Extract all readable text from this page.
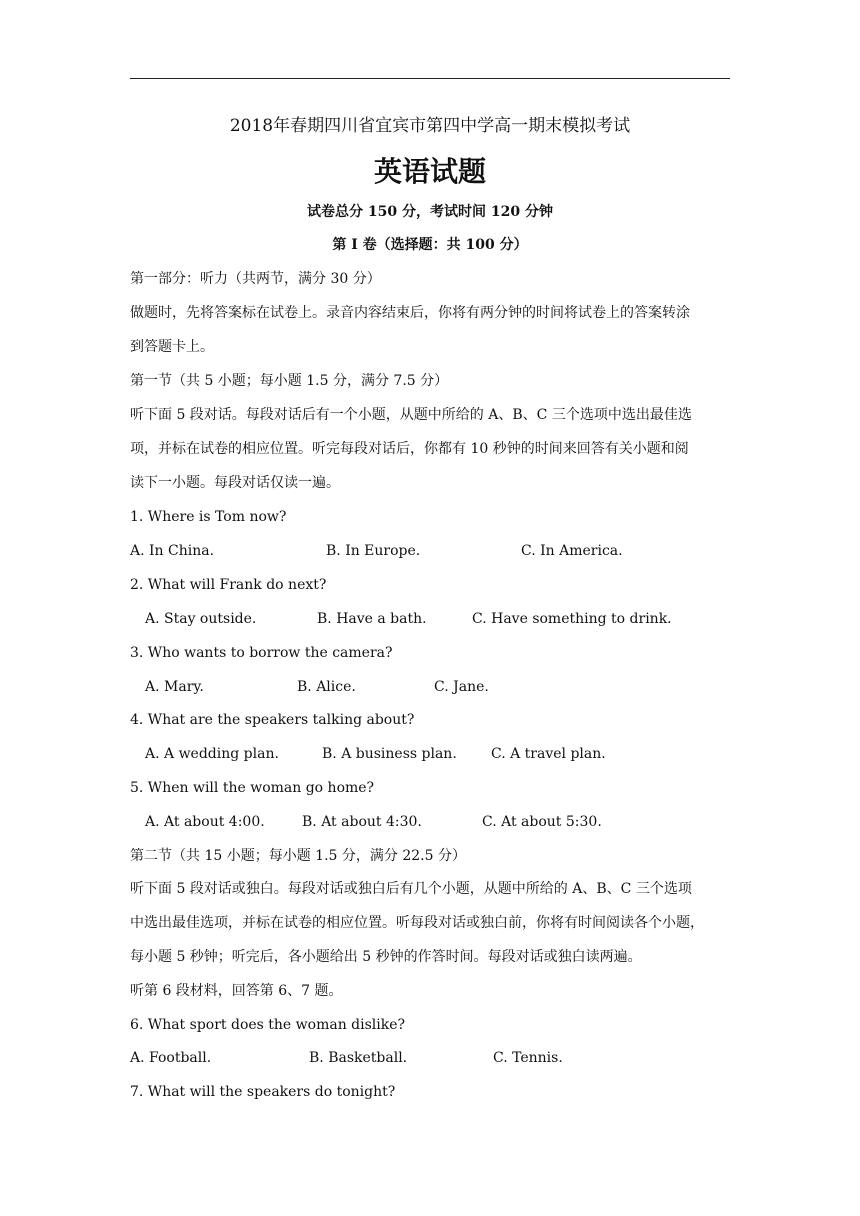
2018年春期四川省宜宾市第四中学高一期末模拟考试
英语试题
试卷总分 150 分，考试时间 120 分钟
第 I 卷（选择题：共 100 分）
第一部分：听力（共两节，满分 30 分）
做题时，先将答案标在试卷上。录音内容结束后，你将有两分钟的时间将试卷上的答案转涂
到答题卡上。
第一节（共 5 小题；每小题 1.5 分，满分 7.5 分）
听下面 5 段对话。每段对话后有一个小题，从题中所给的 A、B、C 三个选项中选出最佳选
项，并标在试卷的相应位置。听完每段对话后，你都有 10 秒钟的时间来回答有关小题和阅
读下一小题。每段对话仅读一遍。
1. Where is Tom now?
A. In China.	B. In Europe.	C. In America.
2. What will Frank do next?
A. Stay outside.	B. Have a bath.	C. Have something to drink.
3. Who wants to borrow the camera?
A. Mary.	B. Alice.	C. Jane.
4. What are the speakers talking about?
A. A wedding plan.	B. A business plan. C. A travel plan.
5. When will the woman go home?
A. At about 4:00.	B. At about 4:30.	C. At about 5:30.
第二节（共 15 小题；每小题 1.5 分，满分 22.5 分）
听下面 5 段对话或独白。每段对话或独白后有几个小题，从题中所给的 A、B、C 三个选项
中选出最佳选项，并标在试卷的相应位置。听每段对话或独白前，你将有时间阅读各个小题，
每小题 5 秒钟；听完后，各小题给出 5 秒钟的作答时间。每段对话或独白读两遍。
听第 6 段材料，回答第 6、7 题。
6. What sport does the woman dislike?
A. Football.	B. Basketball.	C. Tennis.
7. What will the speakers do tonight?
